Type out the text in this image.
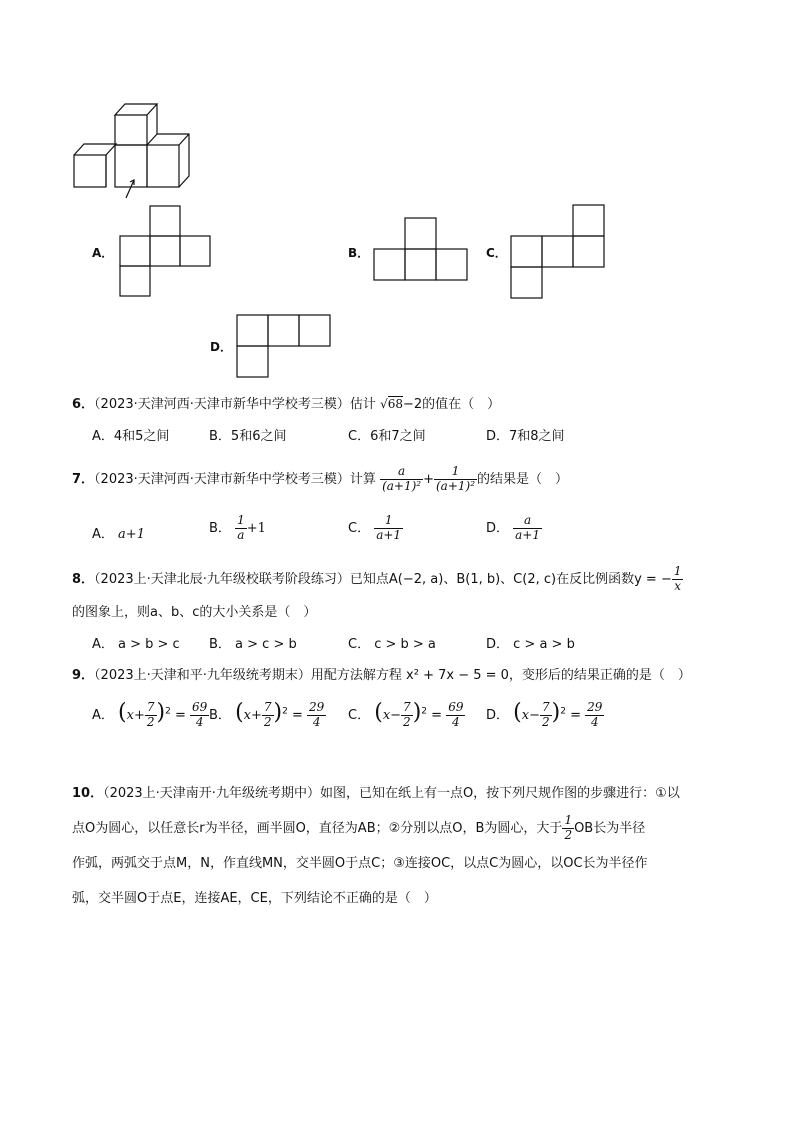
A．	B．	C．
D．
6．（2023·天津河西·天津市新华中学校考三模）估计 √68−2的值在（　）
A．4和5之间	B．5和6之间	C．6和7之间	D．7和8之间
7．（2023·天津河西·天津市新华中学校考三模）计算 $\frac{a}{\text{(a+1)²}} + \frac{1}{\text{(a+1)²}}$ 的结果是（　）
A． a+1	B． $\frac{1}{a} +1$	C． $\frac{1}{a+1}$	D． $\frac{a}{a+1}$
8．（2023上·天津北辰·九年级校联考阶段练习）已知点A(−2, a)、B(1, b)、C(2, c)在反比例函数y = − $\frac{1}{x}$
的图象上，则a、b、c的大小关系是（　）
A． a > b > c B． a > c > b	C． c > b > a	D． c > a > b
9．（2023上·天津和平·九年级统考期末）用配方法解方程 x² + 7x − 5 = 0，变形后的结果正确的是（　）
A． $(x+ \frac{7}{2} )^2 = \frac{69}{4}$ B． $(x+ \frac{7}{2} )^2 = \frac{29}{4}$ C． $(x- \frac{7}{2} )^2 = \frac{69}{4}$ D． $(x- \frac{7}{2} )^2 = \frac{29}{4}$
10．（2023上·天津南开·九年级统考期中）如图，已知在纸上有一点O，按下列尺规作图的步骤进行：①以
点O为圆心，以任意长r为半径，画半圆O，直径为AB；②分别以点O，B为圆心，大于 $\frac{1}{2}$ OB长为半径
作弧，两弧交于点M，N，作直线MN，交半圆O于点C；③连接OC，以点C为圆心，以OC长为半径作
弧，交半圆O于点E，连接AE，CE，下列结论不正确的是（　）
